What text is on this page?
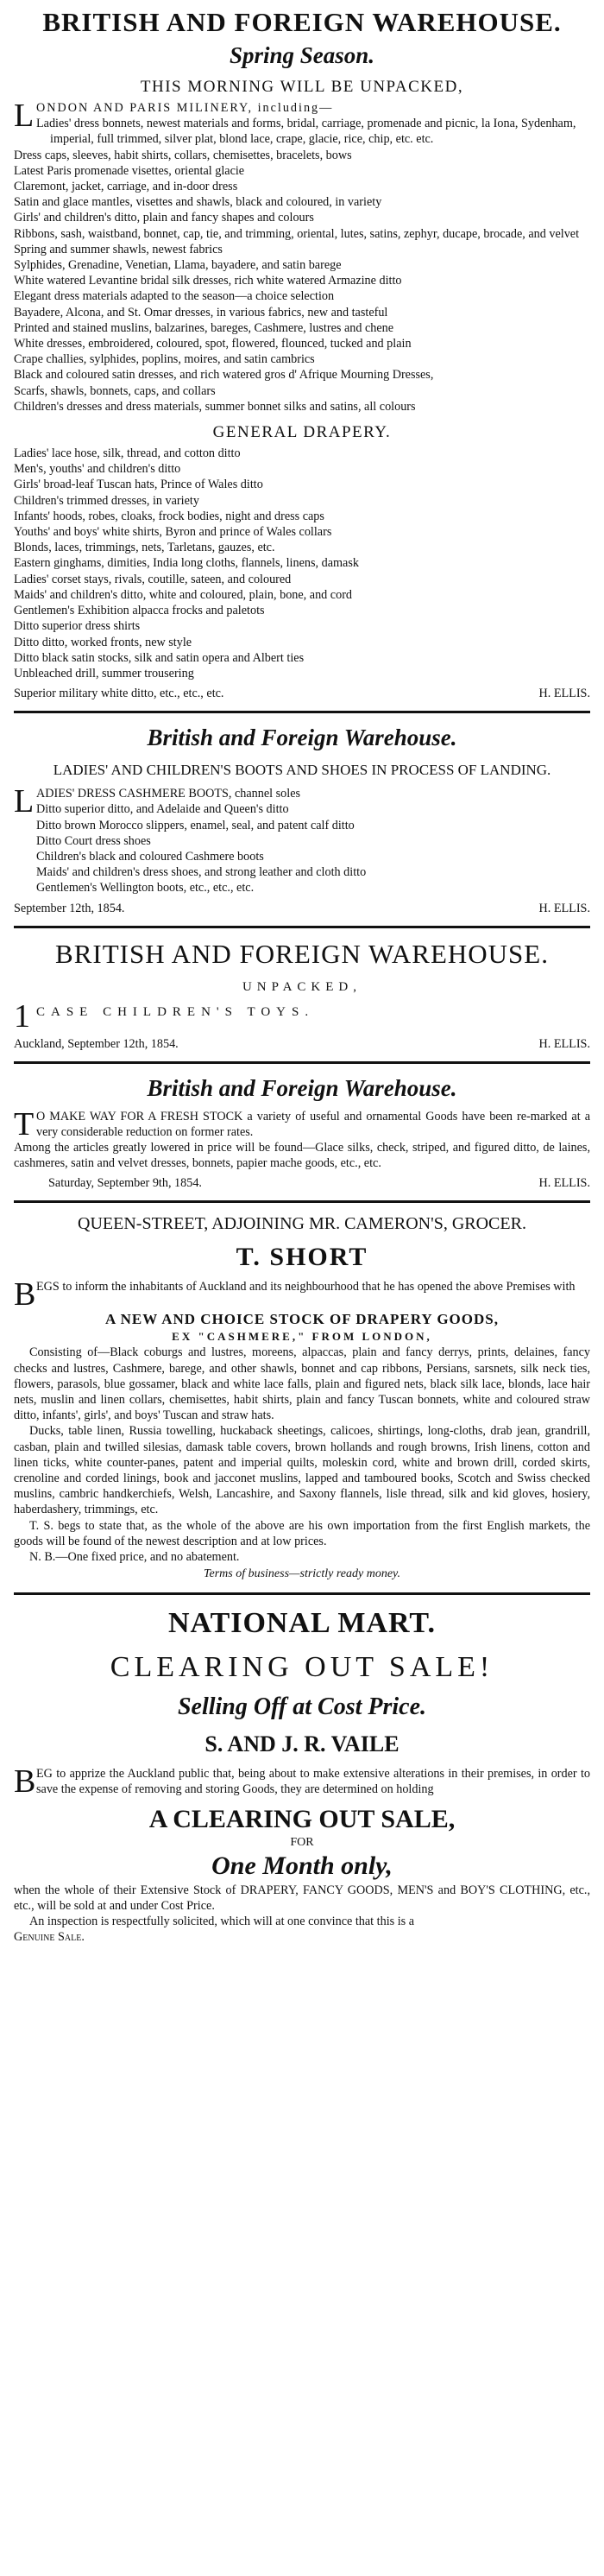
BRITISH AND FOREIGN WAREHOUSE.
Spring Season.
THIS MORNING WILL BE UNPACKED,
L ONDON AND PARIS MILINERY, including—

Ladies' dress bonnets, newest materials and forms, bridal, carriage, promenade and picnic, la Iona, Sydenham, imperial, full trimmed, silver plat, blond lace, crape, glacie, rice, chip, etc. etc.

Dress caps, sleeves, habit shirts, collars, chemisettes, bracelets, bows

Latest Paris promenade visettes, oriental glacie

Claremont, jacket, carriage, and in-door dress

Satin and glace mantles, visettes and shawls, black and coloured, in variety

Girls' and children's ditto, plain and fancy shapes and colours

Ribbons, sash, waistband, bonnet, cap, tie, and trimming, oriental, lutes, satins, zephyr, ducape, brocade, and velvet

Spring and summer shawls, newest fabrics

Sylphides, Grenadine, Venetian, Llama, bayadere, and satin barege

White watered Levantine bridal silk dresses, rich white watered Armazine ditto

Elegant dress materials adapted to the season—a choice selection

Bayadere, Alcona, and St. Omar dresses, in various fabrics, new and tasteful

Printed and stained muslins, balzarines, bareges, Cashmere, lustres and chene

White dresses, embroidered, coloured, spot, flowered, flounced, tucked and plain

Crape challies, sylphides, poplins, moires, and satin cambrics

Black and coloured satin dresses, and rich watered gros d' Afrique Mourning Dresses,

Scarfs, shawls, bonnets, caps, and collars

Children's dresses and dress materials, summer bonnet silks and satins, all colours

GENERAL DRAPERY.

Ladies' lace hose, silk, thread, and cotton ditto

Men's, youths' and children's ditto

Girls' broad-leaf Tuscan hats, Prince of Wales ditto

Children's trimmed dresses, in variety

Infants' hoods, robes, cloaks, frock bodies, night and dress caps

Youths' and boys' white shirts, Byron and prince of Wales collars

Blonds, laces, trimmings, nets, Tarletans, gauzes, etc.

Eastern ginghams, dimities, India long cloths, flannels, linens, damask

Ladies' corset stays, rivals, coutille, sateen, and coloured

Maids' and children's ditto, white and coloured, plain, bone, and cord

Gentlemen's Exhibition alpacca frocks and paletots

Ditto superior dress shirts

Ditto ditto, worked fronts, new style

Ditto black satin stocks, silk and satin opera and Albert ties

Unbleached drill, summer trousering

Superior military white ditto, etc., etc., etc.	H. ELLIS.
British and Foreign Warehouse.
LADIES' AND CHILDREN'S BOOTS AND SHOES IN PROCESS OF LANDING.
L ADIES' DRESS CASHMERE BOOTS, channel soles

Ditto superior ditto, and Adelaide and Queen's ditto

Ditto brown Morocco slippers, enamel, seal, and patent calf ditto

Ditto Court dress shoes

Children's black and coloured Cashmere boots

Maids' and children's dress shoes, and strong leather and cloth ditto

Gentlemen's Wellington boots, etc., etc., etc.

September 12th, 1854.	H. ELLIS.
BRITISH AND FOREIGN WAREHOUSE.
UNPACKED,
1 CASE CHILDREN'S TOYS.

Auckland, September 12th, 1854.	H. ELLIS.
British and Foreign Warehouse.
T O MAKE WAY FOR A FRESH STOCK a variety of useful and ornamental Goods have been re-marked at a very considerable reduction on former rates.

Among the articles greatly lowered in price will be found—Glace silks, check, striped, and figured ditto, de laines, cashmeres, satin and velvet dresses, bonnets, papier mache goods, etc., etc.

Saturday, September 9th, 1854.	H. ELLIS.
QUEEN-STREET, ADJOINING MR. CAMERON'S, GROCER.
T. SHORT
B EGS to inform the inhabitants of Auckland and its neighbourhood that he has opened the above Premises with

A NEW AND CHOICE STOCK OF DRAPERY GOODS,
EX "CASHMERE," FROM LONDON,

Consisting of—Black coburgs and lustres, moreens, alpaccas, plain and fancy derrys, prints, delaines, fancy checks and lustres, Cashmere, barege, and other shawls, bonnet and cap ribbons, Persians, sarsnets, silk neck ties, flowers, parasols, blue gossamer, black and white lace falls, plain and figured nets, black silk lace, blonds, lace hair nets, muslin and linen collars, chemisettes, habit shirts, plain and fancy Tuscan bonnets, white and coloured straw ditto, infants', girls', and boys' Tuscan and straw hats.

Ducks, table linen, Russia towelling, huckaback sheetings, calicoes, shirtings, long-cloths, drab jean, grandrill, casban, plain and twilled silesias, damask table covers, brown hollands and rough browns, Irish linens, cotton and linen ticks, white counter-panes, patent and imperial quilts, moleskin cord, white and brown drill, corded skirts, crenoline and corded linings, book and jacconet muslins, lapped and tamboured books, Scotch and Swiss checked muslins, cambric handkerchiefs, Welsh, Lancashire, and Saxony flannels, lisle thread, silk and kid gloves, hosiery, haberdashery, trimmings, etc.

T. S. begs to state that, as the whole of the above are his own importation from the first English markets, the goods will be found of the newest description and at low prices.

N. B.—One fixed price, and no abatement.

Terms of business—strictly ready money.
NATIONAL MART.
CLEARING OUT SALE!
Selling Off at Cost Price.
S. AND J. R. VAILE
B EG to apprize the Auckland public that, being about to make extensive alterations in their premises, in order to save the expense of removing and storing Goods, they are determined on holding

A CLEARING OUT SALE,
FOR
One Month only,

when the whole of their Extensive Stock of DRAPERY, FANCY GOODS, MEN'S and BOY'S CLOTHING, etc., etc., will be sold at and under Cost Price.

An inspection is respectfully solicited, which will at one convince that this is a

Genuine Sale.
